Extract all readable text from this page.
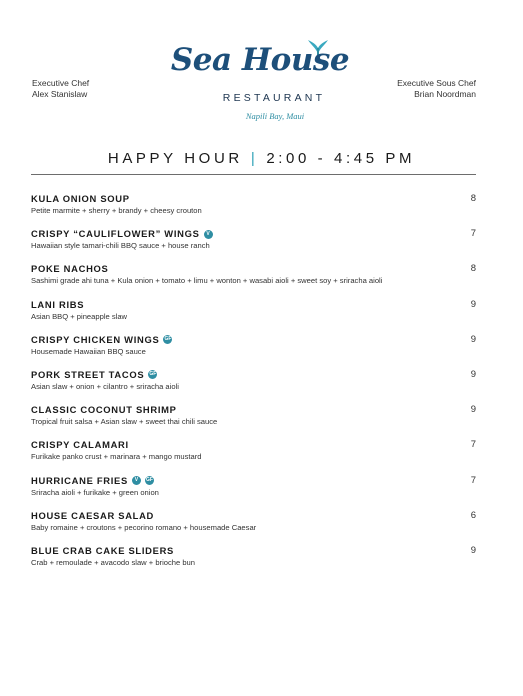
Executive Chef
Alex Stanislaw
Sea House
RESTAURANT
Napili Bay, Maui
Executive Sous Chef
Brian Noordman
HAPPY HOUR | 2:00 - 4:45 PM
KULA ONION SOUP
Petite marmite + sherry + brandy + cheesy crouton
8
CRISPY “CAULIFLOWER” WINGS	V
Hawaiian style tamari-chili BBQ sauce + house ranch
7
POKE NACHOS
Sashimi grade ahi tuna + Kula onion + tomato + limu + wonton + wasabi aioli + sweet soy + sriracha aioli
8
LANI RIBS
Asian BBQ + pineapple slaw
9
CRISPY CHICKEN WINGS GF
Housemade Hawaiian BBQ sauce
9
PORK STREET TACOS GF
Asian slaw + onion + cilantro + sriracha aioli
9
CLASSIC COCONUT SHRIMP
Tropical fruit salsa + Asian slaw + sweet thai chili sauce
9
CRISPY CALAMARI
Furikake panko crust + marinara + mango mustard
7
HURRICANE FRIES	V	GF
Sriracha aioli + furikake + green onion
7
HOUSE CAESAR SALAD
Baby romaine + croutons + pecorino romano + housemade Caesar
6
BLUE CRAB CAKE SLIDERS
Crab + remoulade + avacodo slaw + brioche bun
9
